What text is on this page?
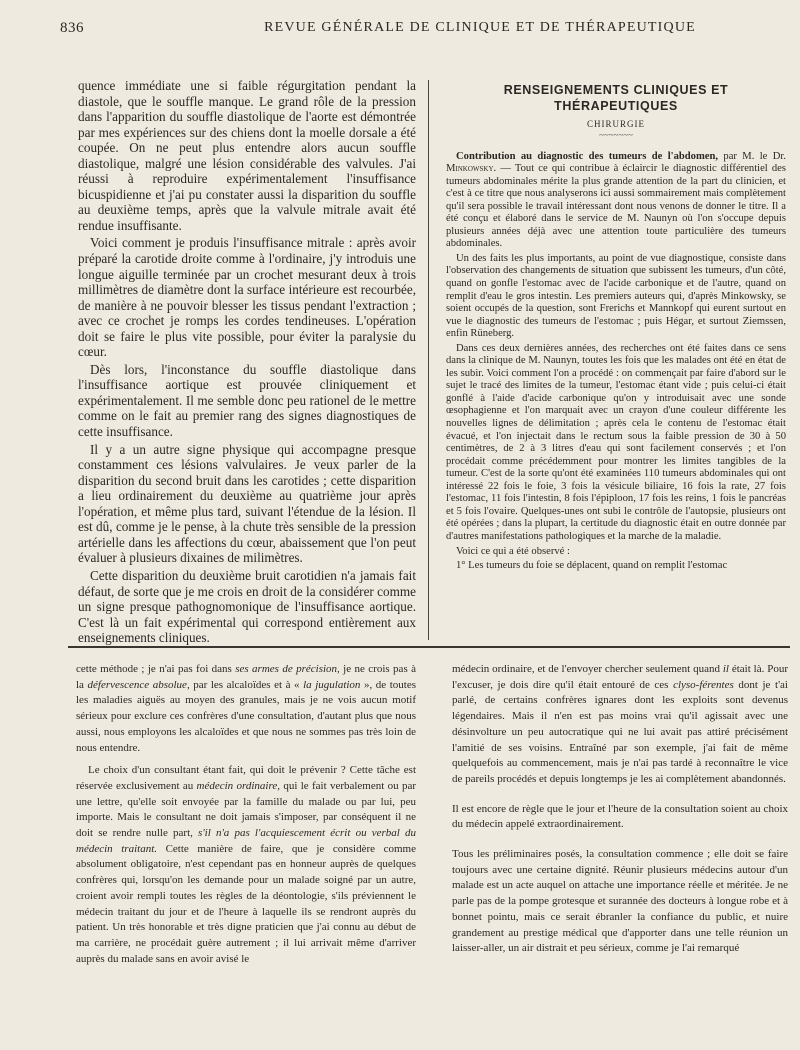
836	REVUE GÉNÉRALE DE CLINIQUE ET DE THÉRAPEUTIQUE

quence immédiate une si faible régurgitation pendant la diastole, que le souffle manque. Le grand rôle de la pression dans l'apparition du souffle diastolique de l'aorte est démontrée par mes expériences sur des chiens dont la moelle dorsale a été coupée. On ne peut plus entendre alors aucun souffle diastolique, malgré une lésion considérable des valvules. J'ai réussi à reproduire expérimentalement l'insuffisance bicuspidienne et j'ai pu constater aussi la disparition du souffle au deuxième temps, après que la valvule mitrale avait été rendue insuffisante.

Voici comment je produis l'insuffisance mitrale : après avoir préparé la carotide droite comme à l'ordinaire, j'y introduis une longue aiguille terminée par un crochet mesurant deux à trois millimètres de diamètre dont la surface intérieure est recourbée, de manière à ne pouvoir blesser les tissus pendant l'extraction ; avec ce crochet je romps les cordes tendineuses. L'opération doit se faire le plus vite possible, pour éviter la paralysie du cœur.

Dès lors, l'inconstance du souffle diastolique dans l'insuffisance aortique est prouvée cliniquement et expérimentalement. Il me semble donc peu rationel de le mettre comme on le fait au premier rang des signes diagnostiques de cette insuffisance.

Il y a un autre signe physique qui accompagne presque constamment ces lésions valvulaires. Je veux parler de la disparition du second bruit dans les carotides ; cette disparition a lieu ordinairement du deuxième au quatrième jour après l'opération, et même plus tard, suivant l'étendue de la lésion. Il est dû, comme je le pense, à la chute très sensible de la pression artérielle dans les affections du cœur, abaissement que l'on peut évaluer à plusieurs dixaines de milimètres.

Cette disparition du deuxième bruit carotidien n'a jamais fait défaut, de sorte que je me crois en droit de la considérer comme un signe presque pathognomonique de l'insuffisance aortique. C'est là un fait expérimental qui correspond entièrement aux enseignements cliniques.

RENSEIGNEMENTS CLINIQUES ET THÉRAPEUTIQUES
CHIRURGIE
~~~~~~~

Contribution au diagnostic des tumeurs de l'abdomen, par M. le Dr. Minkowsky. — Tout ce qui contribue à éclaircir le diagnostic différentiel des tumeurs abdominales mérite la plus grande attention de la part du clinicien, et c'est à ce titre que nous analyserons ici aussi sommairement mais complètement qu'il sera possible le travail intéressant dont nous venons de donner le titre. Il a été conçu et élaboré dans le service de M. Naunyn où l'on s'occupe depuis plusieurs années déjà avec une attention toute particulière des tumeurs abdominales.

Un des faits les plus importants, au point de vue diagnostique, consiste dans l'observation des changements de situation que subissent les tumeurs, d'un côté, quand on gonfle l'estomac avec de l'acide carbonique et de l'autre, quand on remplit d'eau le gros intestin. Les premiers auteurs qui, d'après Minkowsky, se soient occupés de la question, sont Frerichs et Mannkopf qui eurent surtout en vue le diagnostic des tumeurs de l'estomac ; puis Hégar, et surtout Ziemssen, enfin Rüneberg.

Dans ces deux dernières années, des recherches ont été faites dans ce sens dans la clinique de M. Naunyn, toutes les fois que les malades ont été en état de les subir. Voici comment l'on a procédé : on commençait par faire d'abord sur le sujet le tracé des limites de la tumeur, l'estomac étant vide ; puis celui-ci était gonflé à l'aide d'acide carbonique qu'on y introduisait avec une sonde œsophagienne et l'on marquait avec un crayon d'une couleur différente les nouvelles lignes de délimitation ; après cela le contenu de l'estomac était évacué, et l'on injectait dans le rectum sous la faible pression de 30 à 50 centimètres, de 2 à 3 litres d'eau qui sont facilement conservés ; et l'on procédait comme précédemment pour montrer les limites tangibles de la tumeur. C'est de la sorte qu'ont été examinées 110 tumeurs abdominales qui ont intéressé 22 fois le foie, 3 fois la vésicule biliaire, 16 fois la rate, 27 fois l'estomac, 11 fois l'intestin, 8 fois l'épiploon, 17 fois les reins, 1 fois le pancréas et 5 fois l'ovaire. Quelques-unes ont subi le contrôle de l'autopsie, plusieurs ont été opérées ; dans la plupart, la certitude du diagnostic était en outre donnée par d'autres manifestations pathologiques et la marche de la maladie.

Voici ce qui a été observé :

1° Les tumeurs du foie se déplacent, quand on remplit l'estomac

cette méthode ; je n'ai pas foi dans ses armes de précision, je ne crois pas à la défervescence absolue, par les alcaloïdes et à « la jugulation », de toutes les maladies aiguës au moyen des granules, mais je ne vois aucun motif sérieux pour exclure ces confrères d'une consultation, d'autant plus que nous aussi, nous employons les alcaloïdes et que nous ne sommes pas très loin de nous entendre.

Le choix d'un consultant étant fait, qui doit le prévenir ? Cette tâche est réservée exclusivement au médecin ordinaire, qui le fait verbalement ou par une lettre, qu'elle soit envoyée par la famille du malade ou par lui, peu importe. Mais le consultant ne doit jamais s'imposer, par conséquent il ne doit se rendre nulle part, s'il n'a pas l'acquiescement écrit ou verbal du médecin traitant. Cette manière de faire, que je considère comme absolument obligatoire, n'est cependant pas en honneur auprès de quelques confrères qui, lorsqu'on les demande pour un malade soigné par un autre, croient avoir rempli toutes les règles de la déontologie, s'ils préviennent le médecin traitant du jour et de l'heure à laquelle ils se rendront auprès du patient. Un très honorable et très digne praticien que j'ai connu au début de ma carrière, ne procédait guère autrement ; il lui arrivait même d'arriver auprès du malade sans en avoir avisé le

médecin ordinaire, et de l'envoyer chercher seulement quand il était là. Pour l'excuser, je dois dire qu'il était entouré de ces clyso-férentes dont je t'ai parlé, de certains confrères ignares dont les exploits sont devenus légendaires. Mais il n'en est pas moins vrai qu'il agissait avec une désinvolture un peu autocratique qui ne lui avait pas attiré précisément l'amitié de ses voisins. Entraîné par son exemple, j'ai fait de même quelquefois au commencement, mais je n'ai pas tardé à reconnaître le vice de pareils procédés et depuis longtemps je les ai complètement abandonnés.

Il est encore de règle que le jour et l'heure de la consultation soient au choix du médecin appelé extraordinairement.

Tous les préliminaires posés, la consultation commence ; elle doit se faire toujours avec une certaine dignité. Réunir plusieurs médecins autour d'un malade est un acte auquel on attache une importance réelle et méritée. Je ne parle pas de la pompe grotesque et surannée des docteurs à longue robe et à bonnet pointu, mais ce serait ébranler la confiance du public, et nuire grandement au prestige médical que d'apporter dans une telle réunion un laisser-aller, un air distrait et peu sérieux, comme je l'ai remarqué
